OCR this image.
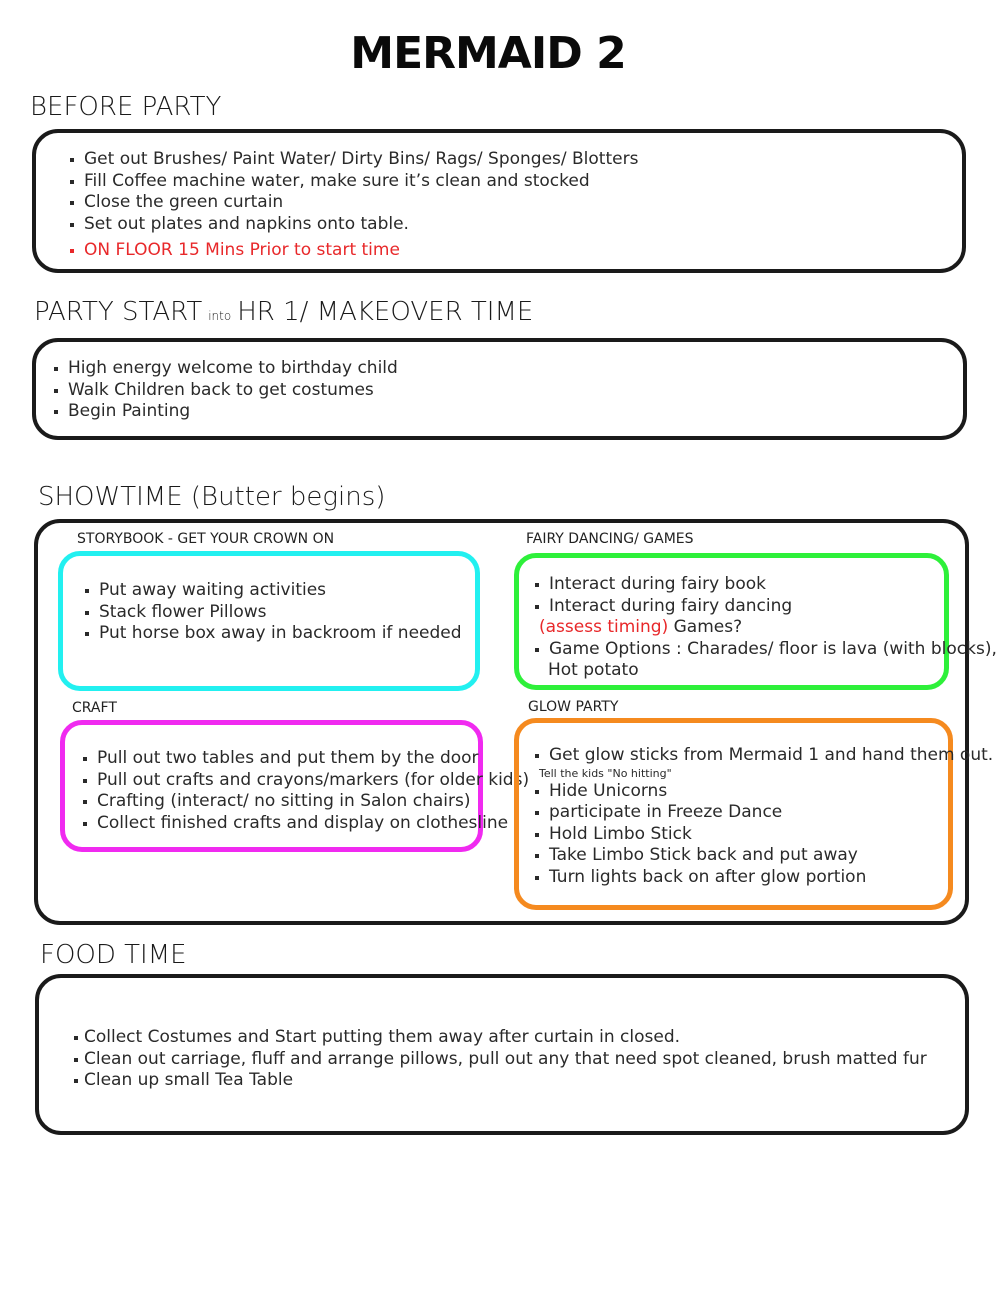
MERMAID 2
BEFORE PARTY
Get out Brushes/ Paint Water/ Dirty Bins/ Rags/ Sponges/ Blotters
Fill Coffee machine water, make sure it’s clean and stocked
Close the green curtain
Set out plates and napkins onto table.
ON FLOOR 15 Mins Prior to start time
PARTY START into HR 1/ MAKEOVER TIME
High energy welcome to birthday child
Walk Children back to get costumes
Begin Painting
SHOWTIME (Butter begins)
STORYBOOK - GET YOUR CROWN ON
Put away waiting activities
Stack flower Pillows
Put horse box away in backroom if needed
FAIRY DANCING/ GAMES
Interact during fairy book
Interact during fairy dancing
(assess timing) Games?
Game Options : Charades/ floor is lava (with blocks),
Hot potato
CRAFT
Pull out two tables and put them by the door
Pull out crafts and crayons/markers (for older kids)
Crafting (interact/ no sitting in Salon chairs)
Collect finished crafts and display on clothesline
GLOW PARTY
Get glow sticks from Mermaid 1 and hand them out.
Tell the kids "No hitting"
Hide Unicorns
participate in Freeze Dance
Hold Limbo Stick
Take Limbo Stick back and put away
Turn lights back on after glow portion
FOOD TIME
Collect Costumes and Start putting them away after curtain in closed.
Clean out carriage, fluff and arrange pillows, pull out any that need spot cleaned, brush matted fur
Clean up small Tea Table
